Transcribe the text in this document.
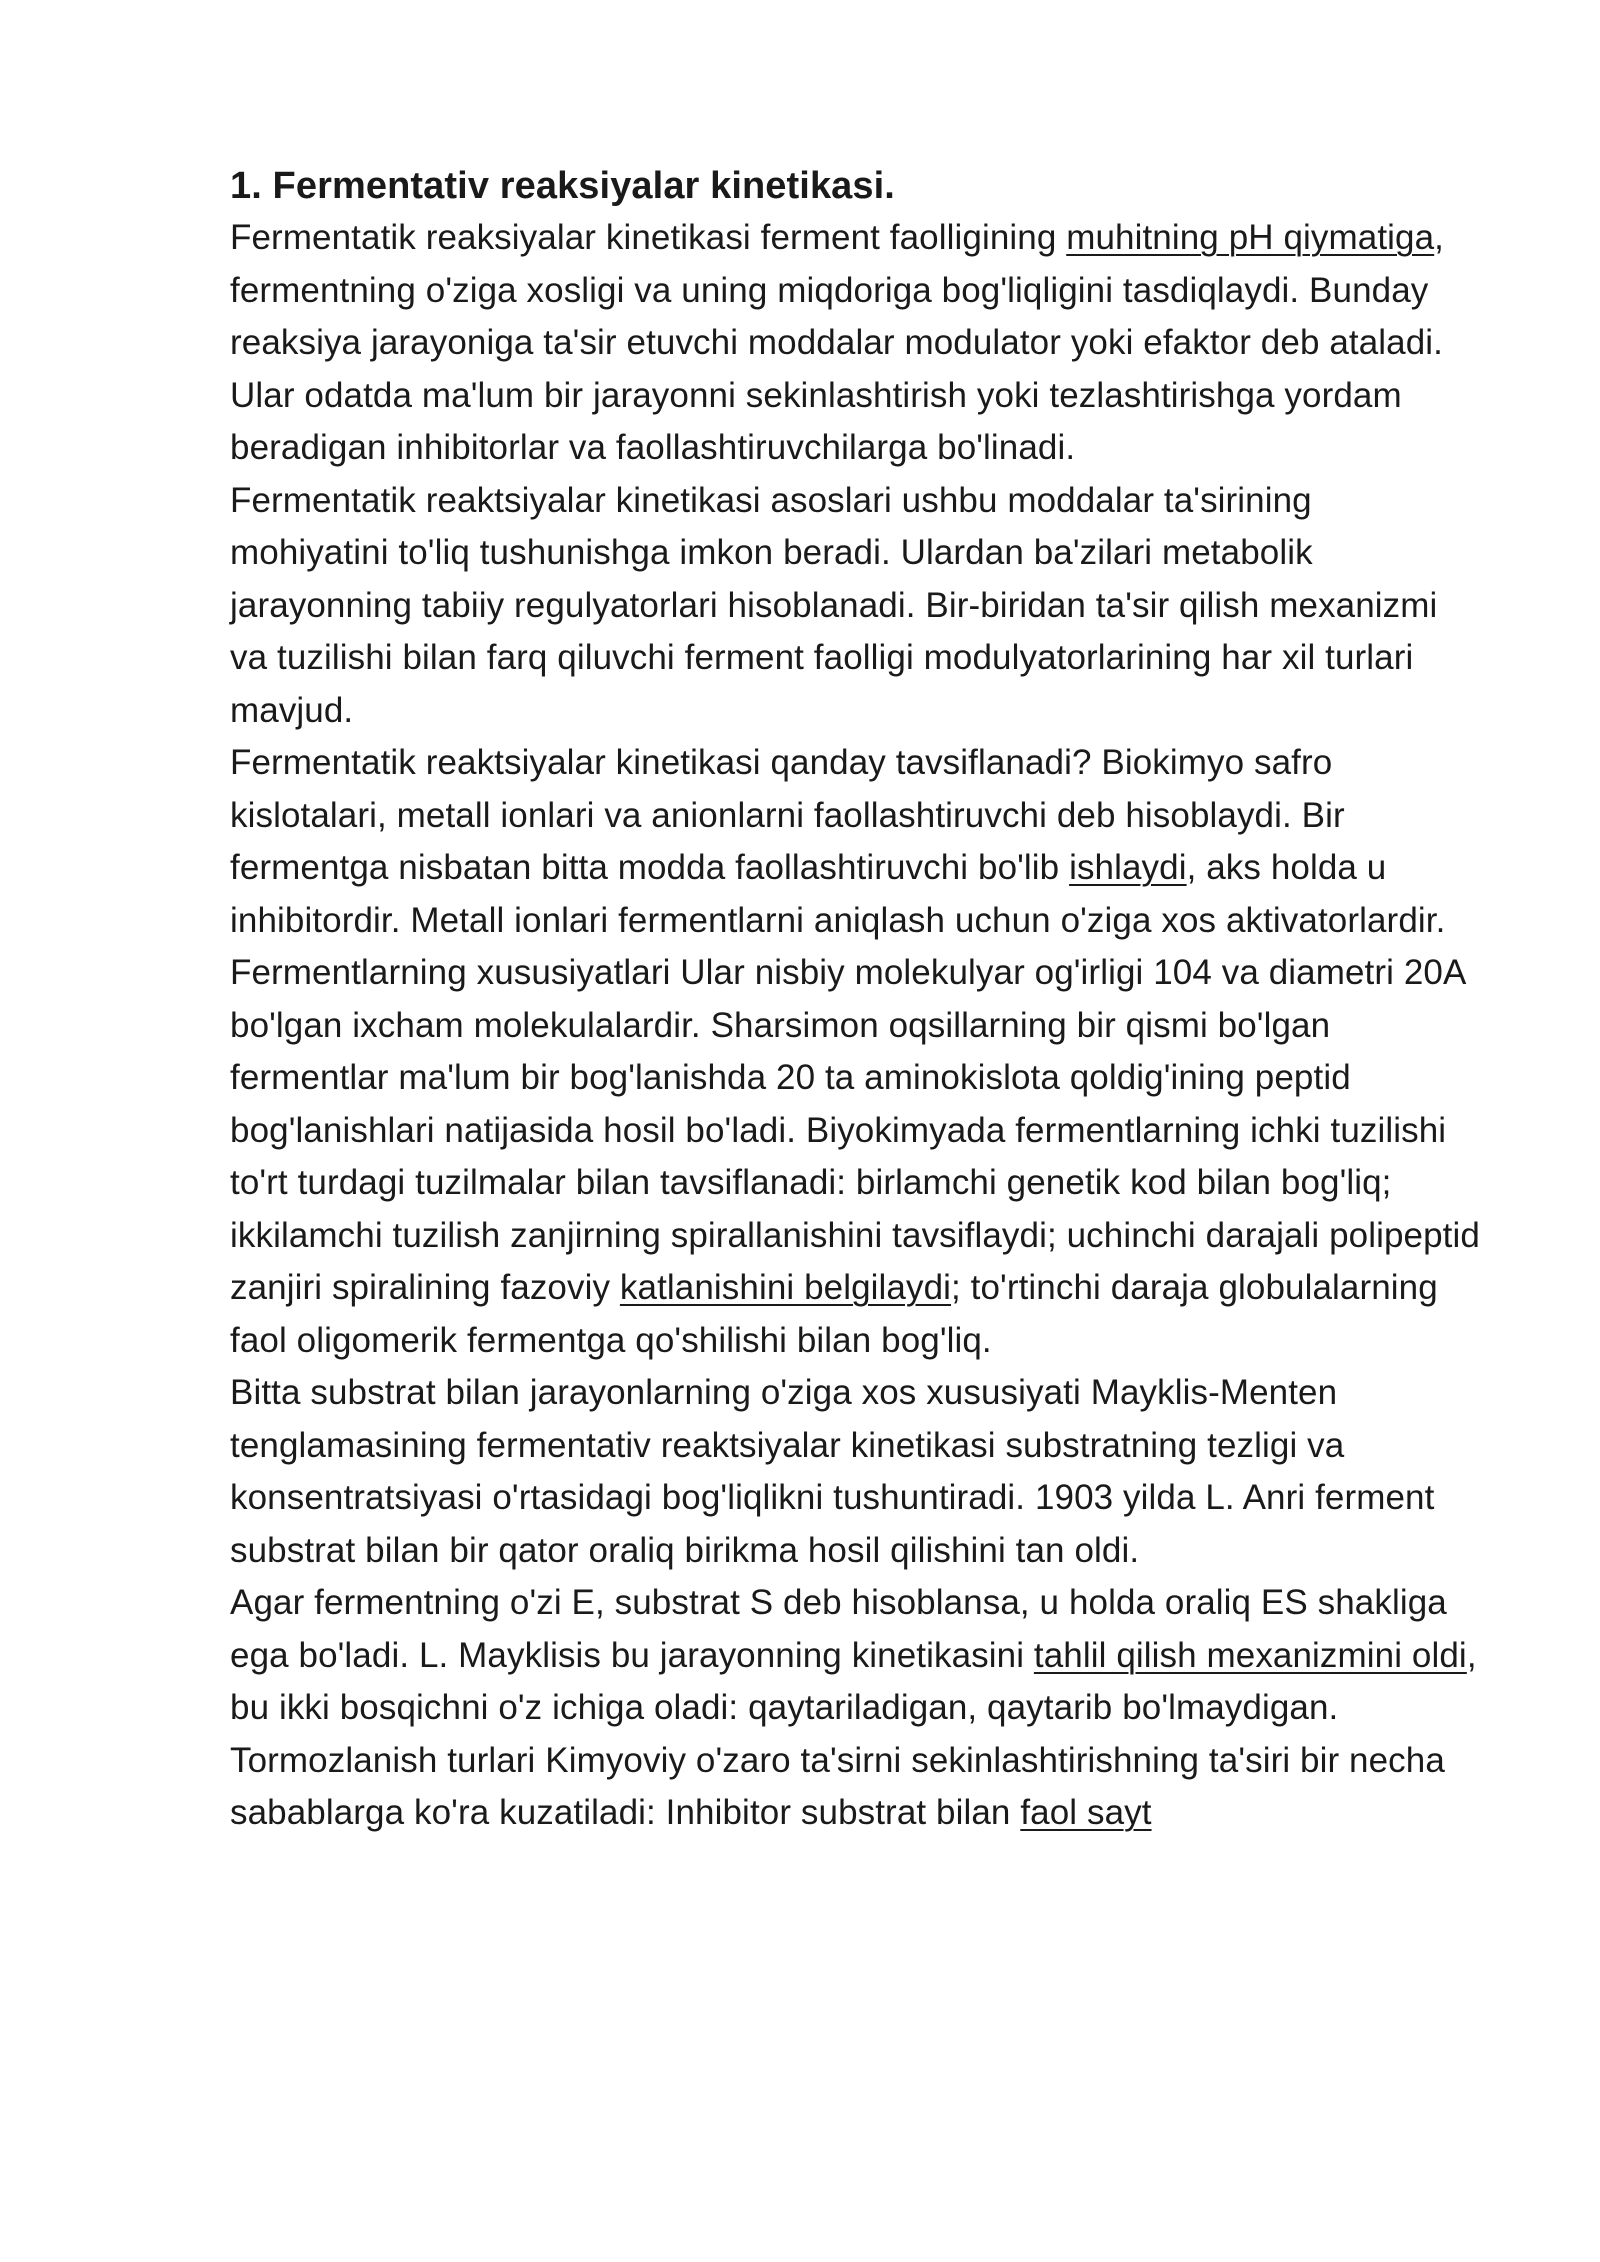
1. Fermentativ reaksiyalar kinetikasi.

Fermentatik reaksiyalar kinetikasi ferment faolligining muhitning pH qiymatiga, fermentning o'ziga xosligi va uning miqdoriga bog'liqligini tasdiqlaydi. Bunday reaksiya jarayoniga ta'sir etuvchi moddalar modulator yoki efaktor deb ataladi. Ular odatda ma'lum bir jarayonni sekinlashtirish yoki tezlashtirishga yordam beradigan inhibitorlar va faollashtiruvchilarga bo'linadi.

Fermentatik reaktsiyalar kinetikasi asoslari ushbu moddalar ta'sirining mohiyatini to'liq tushunishga imkon beradi. Ulardan ba'zilari metabolik jarayonning tabiiy regulyatorlari hisoblanadi. Bir-biridan ta'sir qilish mexanizmi va tuzilishi bilan farq qiluvchi ferment faolligi modulyatorlarining har xil turlari mavjud.

Fermentatik reaktsiyalar kinetikasi qanday tavsiflanadi? Biokimyo safro kislotalari, metall ionlari va anionlarni faollashtiruvchi deb hisoblaydi. Bir fermentga nisbatan bitta modda faollashtiruvchi bo'lib ishlaydi, aks holda u inhibitordir. Metall ionlari fermentlarni aniqlash uchun o'ziga xos aktivatorlardir.

Fermentlarning xususiyatlari Ular nisbiy molekulyar og'irligi 104 va diametri 20A bo'lgan ixcham molekulalardir. Sharsimon oqsillarning bir qismi bo'lgan fermentlar ma'lum bir bog'lanishda 20 ta aminokislota qoldig'ining peptid bog'lanishlari natijasida hosil bo'ladi. Biyokimyada fermentlarning ichki tuzilishi to'rt turdagi tuzilmalar bilan tavsiflanadi: birlamchi genetik kod bilan bog'liq; ikkilamchi tuzilish zanjirning spirallanishini tavsiflaydi; uchinchi darajali polipeptid zanjiri spiralining fazoviy katlanishini belgilaydi; to'rtinchi daraja globulalarning faol oligomerik fermentga qo'shilishi bilan bog'liq.

Bitta substrat bilan jarayonlarning o'ziga xos xususiyati Mayklis-Menten tenglamasining fermentativ reaktsiyalar kinetikasi substratning tezligi va konsentratsiyasi o'rtasidagi bog'liqlikni tushuntiradi. 1903 yilda L. Anri ferment substrat bilan bir qator oraliq birikma hosil qilishini tan oldi.

Agar fermentning o'zi E, substrat S deb hisoblansa, u holda oraliq ES shakliga ega bo'ladi. L. Mayklisis bu jarayonning kinetikasini tahlil qilish mexanizmini oldi, bu ikki bosqichni o'z ichiga oladi: qaytariladigan, qaytarib bo'lmaydigan.

Tormozlanish turlari Kimyoviy o'zaro ta'sirni sekinlashtirishning ta'siri bir necha sabablarga ko'ra kuzatiladi: Inhibitor substrat bilan faol sayt
